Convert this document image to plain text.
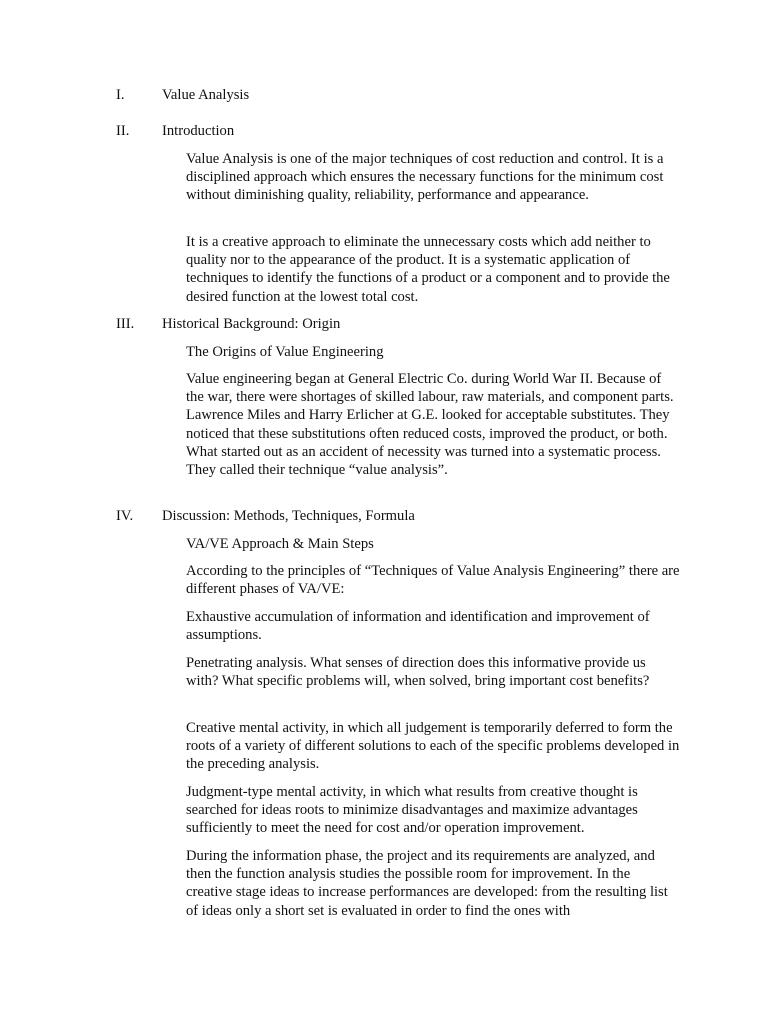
I.	Value Analysis
II. Introduction

Value Analysis is one of the major techniques of cost reduction and control. It is a disciplined approach which ensures the necessary functions for the minimum cost without diminishing quality, reliability, performance and appearance.

It is a creative approach to eliminate the unnecessary costs which add neither to quality nor to the appearance of the product. It is a systematic application of techniques to identify the functions of a product or a component and to provide the desired function at the lowest total cost.

III. Historical Background: Origin

The Origins of Value Engineering

Value engineering began at General Electric Co. during World War II. Because of the war, there were shortages of skilled labour, raw materials, and component parts. Lawrence Miles and Harry Erlicher at G.E. looked for acceptable substitutes. They noticed that these substitutions often reduced costs, improved the product, or both. What started out as an accident of necessity was turned into a systematic process. They called their technique “value analysis”.

IV. Discussion: Methods, Techniques, Formula

VA/VE Approach & Main Steps

According to the principles of “Techniques of Value Analysis Engineering” there are different phases of VA/VE:

Exhaustive accumulation of information and identification and improvement of assumptions.

Penetrating analysis. What senses of direction does this informative provide us with? What specific problems will, when solved, bring important cost benefits?

Creative mental activity, in which all judgement is temporarily deferred to form the roots of a variety of different solutions to each of the specific problems developed in the preceding analysis.

Judgment-type mental activity, in which what results from creative thought is searched for ideas roots to minimize disadvantages and maximize advantages sufficiently to meet the need for cost and/or operation improvement.

During the information phase, the project and its requirements are analyzed, and then the function analysis studies the possible room for improvement. In the creative stage ideas to increase performances are developed: from the resulting list of ideas only a short set is evaluated in order to find the ones with
